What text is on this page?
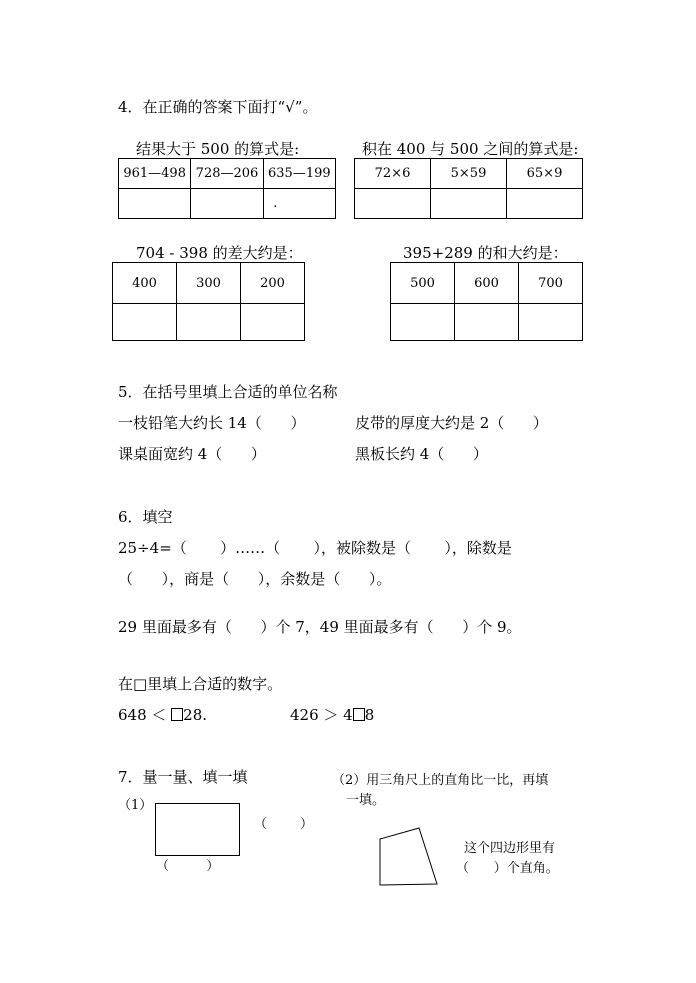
4．在正确的答案下面打“√”。
结果大于 500 的算式是:
961—498	728—206	635—199
		.
积在 400 与 500 之间的算式是:
72×6	5×59	65×9

704 - 398 的差大约是：
400	300	200

395+289 的和大约是：
500	600	700

5．在括号里填上合适的单位名称
一枝铅笔大约长 14（      ）	皮带的厚度大约是 2（      ）
课桌面宽约 4（      ）	黑板长约 4（      ）
6．填空
25÷4=（       ）……（       ），被除数是（       ），除数是
（      ），商是（      ），余数是（      ）。
29 里面最多有（      ）个 7，49 里面最多有（      ）个 9。
在□里填上合适的数字。
648 ＜ 28.	426 ＞ 4 8
7．量一量、填一填	（2）用三角尺上的直角比一比，再填
一填。
（1）
（        ）
（         ）
这个四边形里有
（      ）个直角。
